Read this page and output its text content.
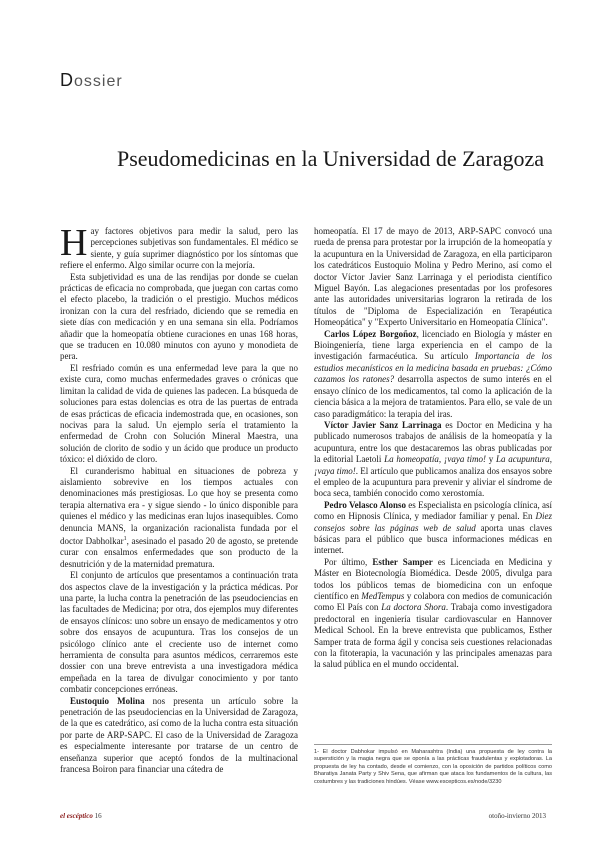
Dossier
Pseudomedicinas en la Universidad de Zaragoza

Hay factores objetivos para medir la salud, pero las percepciones subjetivas son fundamentales. El médico se siente, y guía suprimer diagnóstico por los síntomas que refiere el enfermo. Algo similar ocurre con la mejoría.

Esta subjetividad es una de las rendijas por donde se cuelan prácticas de eficacia no comprobada, que juegan con cartas como el efecto placebo, la tradición o el prestigio. Muchos médicos ironizan con la cura del resfriado, diciendo que se remedia en siete días con medicación y en una semana sin ella. Podríamos añadir que la homeopatía obtiene curaciones en unas 168 horas, que se traducen en 10.080 minutos con ayuno y monodieta de pera.

El resfriado común es una enfermedad leve para la que no existe cura, como muchas enfermedades graves o crónicas que limitan la calidad de vida de quienes las padecen. La búsqueda de soluciones para estas dolencias es otra de las puertas de entrada de esas prácticas de eficacia indemostrada que, en ocasiones, son nocivas para la salud. Un ejemplo sería el tratamiento la enfermedad de Crohn con Solución Mineral Maestra, una solución de clorito de sodio y un ácido que produce un producto tóxico: el dióxido de cloro.

El curanderismo habitual en situaciones de pobreza y aislamiento sobrevive en los tiempos actuales con denominaciones más prestigiosas. Lo que hoy se presenta como terapia alternativa era - y sigue siendo - lo único disponible para quienes el médico y las medicinas eran lujos inasequibles. Como denuncia MANS, la organización racionalista fundada por el doctor Dabholkar$^1$, asesinado el pasado 20 de agosto, se pretende curar con ensalmos enfermedades que son producto de la desnutrición y de la maternidad prematura.

El conjunto de artículos que presentamos a continuación trata dos aspectos clave de la investigación y la práctica médicas. Por una parte, la lucha contra la penetración de las pseudociencias en las facultades de Medicina; por otra, dos ejemplos muy diferentes de ensayos clínicos: uno sobre un ensayo de medicamentos y otro sobre dos ensayos de acupuntura. Tras los consejos de un psicólogo clínico ante el creciente uso de internet como herramienta de consulta para asuntos médicos, cerraremos este dossier con una breve entrevista a una investigadora médica empeñada en la tarea de divulgar conocimiento y por tanto combatir concepciones erróneas.

Eustoquio Molina nos presenta un artículo sobre la penetración de las pseudociencias en la Universidad de Zaragoza, de la que es catedrático, así como de la lucha contra esta situación por parte de ARP-SAPC. El caso de la Universidad de Zaragoza es especialmente interesante por tratarse de un centro de enseñanza superior que aceptó fondos de la multinacional francesa Boiron para financiar una cátedra de

homeopatía. El 17 de mayo de 2013, ARP-SAPC convocó una rueda de prensa para protestar por la irrupción de la homeopatía y la acupuntura en la Universidad de Zaragoza, en ella participaron los catedráticos Eustoquio Molina y Pedro Merino, así como el doctor Víctor Javier Sanz Larrinaga y el periodista científico Miguel Bayón. Las alegaciones presentadas por los profesores ante las autoridades universitarias lograron la retirada de los títulos de "Diploma de Especialización en Terapéutica Homeopática" y "Experto Universitario en Homeopatía Clínica".

Carlos López Borgoñoz, licenciado en Biología y máster en Bioingeniería, tiene larga experiencia en el campo de la investigación farmacéutica. Su artículo Importancia de los estudios mecanísticos en la medicina basada en pruebas: ¿Cómo cazamos los ratones? desarrolla aspectos de sumo interés en el ensayo clínico de los medicamentos, tal como la aplicación de la ciencia básica a la mejora de tratamientos. Para ello, se vale de un caso paradigmático: la terapia del iras.

Víctor Javier Sanz Larrinaga es Doctor en Medicina y ha publicado numerosos trabajos de análisis de la homeopatía y la acupuntura, entre los que destacaremos las obras publicadas por la editorial Laetoli La homeopatía, ¡vaya timo! y La acupuntura, ¡vaya timo!. El artículo que publicamos analiza dos ensayos sobre el empleo de la acupuntura para prevenir y aliviar el síndrome de boca seca, también conocido como xerostomía.

Pedro Velasco Alonso es Especialista en psicología clínica, así como en Hipnosis Clínica, y mediador familiar y penal. En Diez consejos sobre las páginas web de salud aporta unas claves básicas para el público que busca informaciones médicas en internet.

Por último, Esther Samper es Licenciada en Medicina y Máster en Biotecnología Biomédica. Desde 2005, divulga para todos los públicos temas de biomedicina con un enfoque científico en MedTempus y colabora con medios de comunicación como El País con La doctora Shora. Trabaja como investigadora predoctoral en ingeniería tisular cardiovascular en Hannover Medical School. En la breve entrevista que publicamos, Esther Samper trata de forma ágil y concisa seis cuestiones relacionadas con la fitoterapia, la vacunación y las principales amenazas para la salud pública en el mundo occidental.

1- El doctor Dabhokar impulsó en Maharashtra (India) una propuesta de ley contra la superstición y la magia negra que se oponía a las prácticas fraudulentas y explotadoras. La propuesta de ley ha contado, desde el comienzo, con la oposición de partidos políticos como Bharatiya Janata Party y Shiv Sena, que afirman que ataca los fundamentos de la cultura, las costumbres y las tradiciones hindúes. Véase www.escepticos.es/node/3230
el escéptico 16	otoño-invierno 2013
